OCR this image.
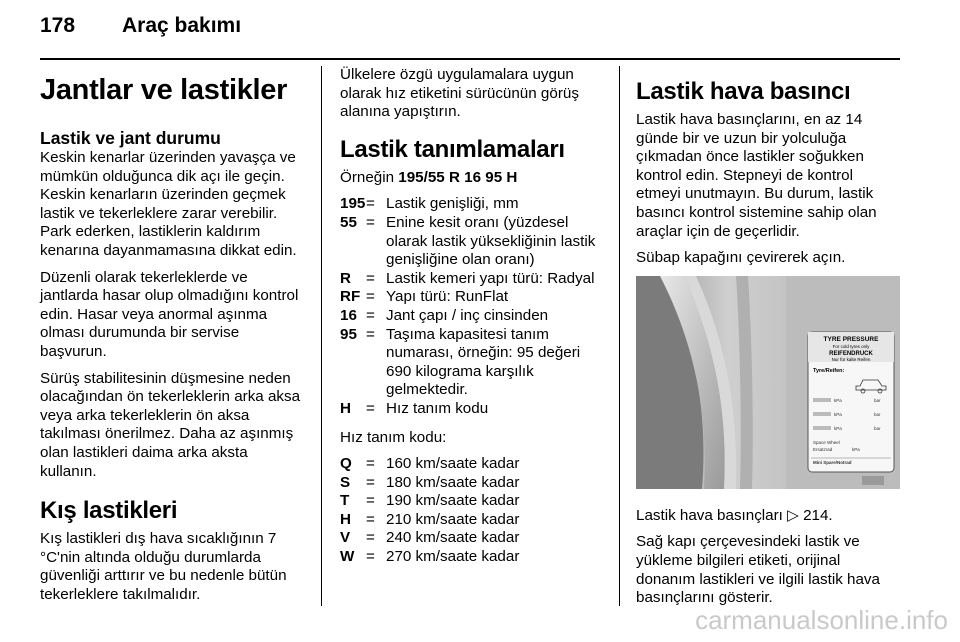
178 Araç bakımı
Jantlar ve lastikler
Lastik ve jant durumu

Keskin kenarlar üzerinden yavaşça ve mümkün olduğunca dik açı ile geçin. Keskin kenarların üzerinden geçmek lastik ve tekerleklere zarar verebilir. Park ederken, lastiklerin kaldırım kenarına dayanmamasına dikkat edin.

Düzenli olarak tekerleklerde ve jantlarda hasar olup olmadığını kontrol edin. Hasar veya anormal aşınma olması durumunda bir servise başvurun.

Sürüş stabilitesinin düşmesine neden olacağından ön tekerleklerin arka aksa veya arka tekerleklerin ön aksa takılması önerilmez. Daha az aşınmış olan lastikleri daima arka aksta kullanın.

Kış lastikleri

Kış lastikleri dış hava sıcaklığının 7 °C'nin altında olduğu durumlarda güvenliği arttırır ve bu nedenle bütün tekerleklere takılmalıdır.

Ülkelere özgü uygulamalara uygun olarak hız etiketini sürücünün görüş alanına yapıştırın.

Lastik tanımlamaları

Örneğin 195/55 R 16 95 H

195 = Lastik genişliği, mm
55 = Enine kesit oranı (yüzdesel olarak lastik yüksekliğinin lastik genişliğine olan oranı)
R = Lastik kemeri yapı türü: Radyal
RF = Yapı türü: RunFlat
16 = Jant çapı / inç cinsinden
95 = Taşıma kapasitesi tanım numarası, örneğin: 95 değeri 690 kilograma karşılık gelmektedir.
H = Hız tanım kodu

Hız tanım kodu:

Q = 160 km/saate kadar
S	= 180 km/saate kadar
T	= 190 km/saate kadar
H = 210 km/saate kadar
V	= 240 km/saate kadar
W = 270 km/saate kadar
Lastik hava basıncı

Lastik hava basınçlarını, en az 14 günde bir ve uzun bir yolculuğa çıkmadan önce lastikler soğukken kontrol edin. Stepneyi de kontrol etmeyi unutmayın. Bu durum, lastik basıncı kontrol sistemine sahip olan araçlar için de geçerlidir.

Sübap kapağını çevirerek açın.

TYRE PRESSURE
For cold tyres only
REIFENDRUCK
Nur für kalte Reifen
Tyre/Reifen:
kPa	bar
kPa	bar
kPa	bar
Space Wheel
Ersatzrad	kPa
Mini Spare/Notrad

Lastik hava basınçları ▷ 214.

Sağ kapı çerçevesindeki lastik ve yükleme bilgileri etiketi, orijinal donanım lastikleri ve ilgili lastik hava basınçlarını gösterir.

carmanualsonline.info
